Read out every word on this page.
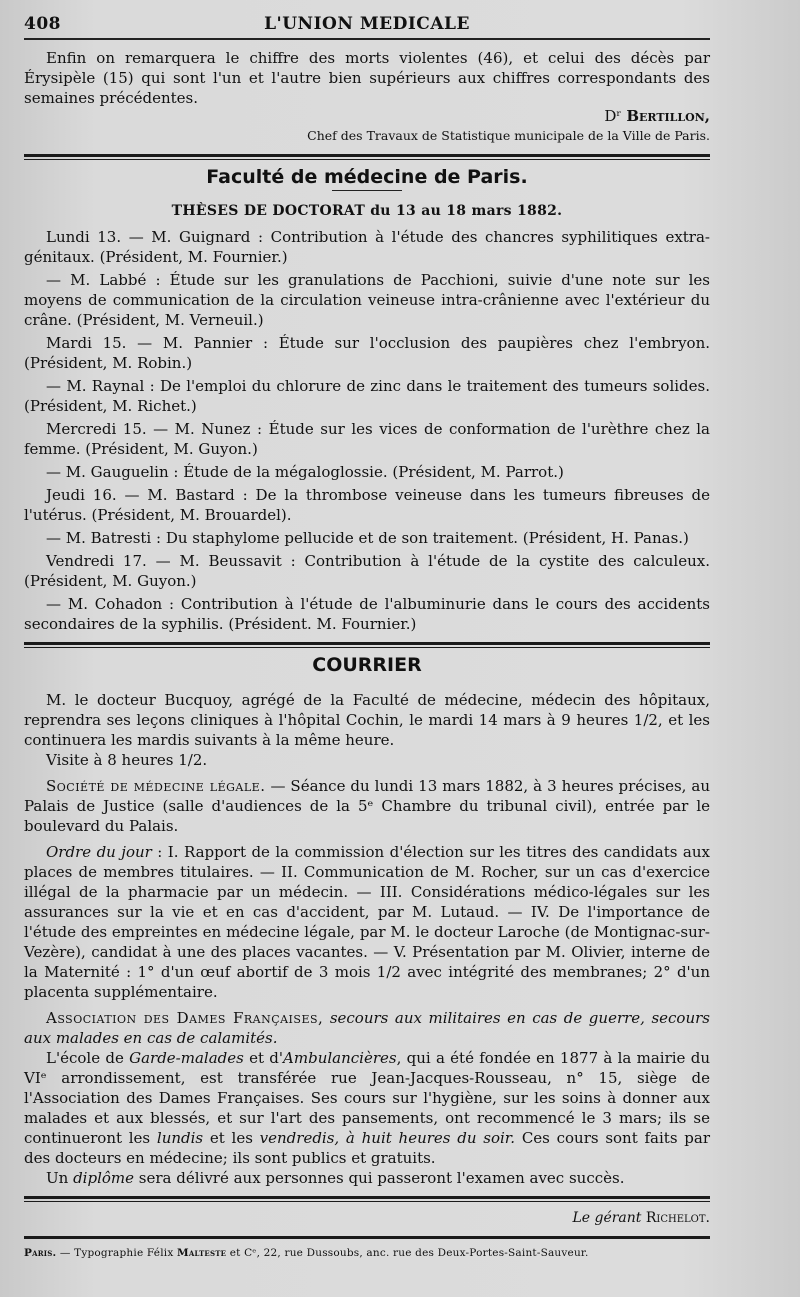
408	L'UNION MEDICALE

Enfin on remarquera le chiffre des morts violentes (46), et celui des décès par Érysipèle (15) qui sont l'un et l'autre bien supérieurs aux chiffres correspondants des semaines précédentes.

Dʳ Bertillon,
Chef des Travaux de Statistique municipale de la Ville de Paris.
Faculté de médecine de Paris.
THÈSES DE DOCTORAT du 13 au 18 mars 1882.

Lundi 13. — M. Guignard : Contribution à l'étude des chancres syphilitiques extra-génitaux. (Président, M. Fournier.)

— M. Labbé : Étude sur les granulations de Pacchioni, suivie d'une note sur les moyens de communication de la circulation veineuse intra-crânienne avec l'extérieur du crâne. (Président, M. Verneuil.)

Mardi 15. — M. Pannier : Étude sur l'occlusion des paupières chez l'embryon. (Président, M. Robin.)

— M. Raynal : De l'emploi du chlorure de zinc dans le traitement des tumeurs solides. (Président, M. Richet.)

Mercredi 15. — M. Nunez : Étude sur les vices de conformation de l'urèthre chez la femme. (Président, M. Guyon.)

— M. Gauguelin : Étude de la mégaloglossie. (Président, M. Parrot.)

Jeudi 16. — M. Bastard : De la thrombose veineuse dans les tumeurs fibreuses de l'utérus. (Président, M. Brouardel).

— M. Batresti : Du staphylome pellucide et de son traitement. (Président, H. Panas.)

Vendredi 17. — M. Beussavit : Contribution à l'étude de la cystite des calculeux. (Président, M. Guyon.)

— M. Cohadon : Contribution à l'étude de l'albuminurie dans le cours des accidents secondaires de la syphilis. (Président. M. Fournier.)

COURRIER

M. le docteur Bucquoy, agrégé de la Faculté de médecine, médecin des hôpitaux, reprendra ses leçons cliniques à l'hôpital Cochin, le mardi 14 mars à 9 heures 1/2, et les continuera les mardis suivants à la même heure.

Visite à 8 heures 1/2.

Société de médecine légale. — Séance du lundi 13 mars 1882, à 3 heures précises, au Palais de Justice (salle d'audiences de la 5ᵉ Chambre du tribunal civil), entrée par le boulevard du Palais.

Ordre du jour : I. Rapport de la commission d'élection sur les titres des candidats aux places de membres titulaires. — II. Communication de M. Rocher, sur un cas d'exercice illégal de la pharmacie par un médecin. — III. Considérations médico-légales sur les assurances sur la vie et en cas d'accident, par M. Lutaud. — IV. De l'importance de l'étude des empreintes en médecine légale, par M. le docteur Laroche (de Montignac-sur-Vezère), candidat à une des places vacantes. — V. Présentation par M. Olivier, interne de la Maternité : 1° d'un œuf abortif de 3 mois 1/2 avec intégrité des membranes; 2° d'un placenta supplémentaire.

Association des Dames Françaises, secours aux militaires en cas de guerre, secours aux malades en cas de calamités.

L'école de Garde-malades et d'Ambulancières, qui a été fondée en 1877 à la mairie du VIᵉ arrondissement, est transférée rue Jean-Jacques-Rousseau, n° 15, siège de l'Association des Dames Françaises. Ses cours sur l'hygiène, sur les soins à donner aux malades et aux blessés, et sur l'art des pansements, ont recommencé le 3 mars; ils se continueront les lundis et les vendredis, à huit heures du soir. Ces cours sont faits par des docteurs en médecine; ils sont publics et gratuits.

Un diplôme sera délivré aux personnes qui passeront l'examen avec succès.

Le gérant Richelot.
Paris. — Typographie Félix Malteste et Cᵉ, 22, rue Dussoubs, anc. rue des Deux-Portes-Saint-Sauveur.
